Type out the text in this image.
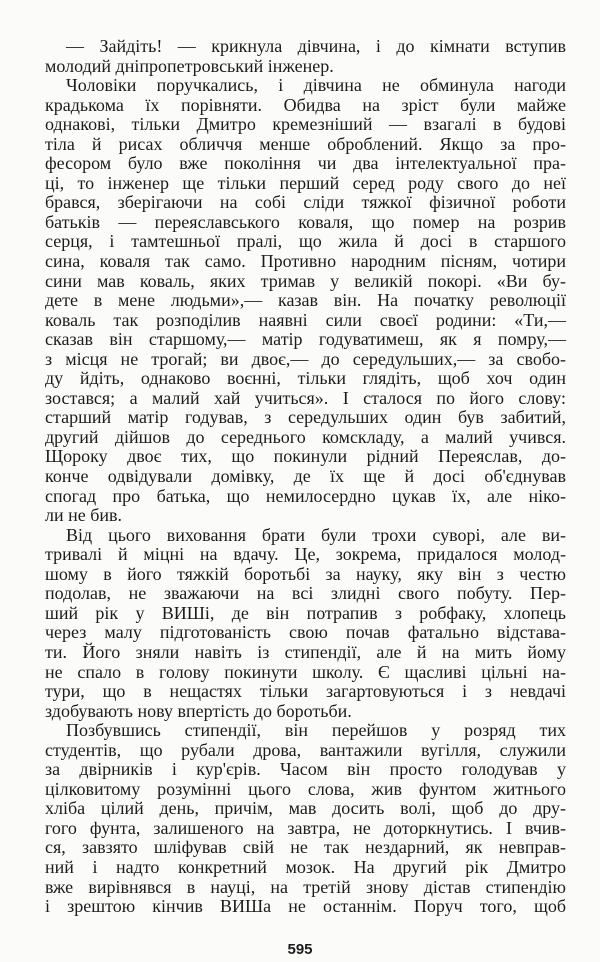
— Зайдіть! — крикнула дівчина, і до кімнати вступив
молодий дніпропетровський інженер.
Чоловіки поручкались, і дівчина не обминула нагоди
крадькома їх порівняти. Обидва на зріст були майже
однакові, тільки Дмитро кремезніший — взагалі в будові
тіла й рисах обличчя менше оброблений. Якщо за про-
фесором було вже покоління чи два інтелектуальної пра-
ці, то інженер ще тільки перший серед роду свого до неї
брався, зберігаючи на собі сліди тяжкої фізичної роботи
батьків — переяславського коваля, що помер на розрив
серця, і тамтешньої пралі, що жила й досі в старшого
сина, коваля так само. Противно народним пісням, чотири
сини мав коваль, яких тримав у великій покорі. «Ви бу-
дете в мене людьми»,— казав він. На початку революції
коваль так розподілив наявні сили своєї родини: «Ти,—
сказав він старшому,— матір годуватимеш, як я помру,—
з місця не трогай; ви двоє,— до середульших,— за свобо-
ду йдіть, однаково воєнні, тільки глядіть, щоб хоч один
зостався; а малий хай учиться». І сталося по його слову:
старший матір годував, з середульших один був забитий,
другий дійшов до середнього комскладу, а малий учився.
Щороку двоє тих, що покинули рідний Переяслав, до-
конче одвідували домівку, де їх ще й досі об'єднував
спогад про батька, що немилосердно цукав їх, але ніко-
ли не бив.
Від цього виховання брати були трохи суворі, але ви-
тривалі й міцні на вдачу. Це, зокрема, придалося молод-
шому в його тяжкій боротьбі за науку, яку він з честю
подолав, не зважаючи на всі злидні свого побуту. Пер-
ший рік у ВИШі, де він потрапив з робфаку, хлопець
через малу підготованість свою почав фатально відстава-
ти. Його зняли навіть із стипендії, але й на мить йому
не спало в голову покинути школу. Є щасливі цільні на-
тури, що в нещастях тільки загартовуються і з невдачі
здобувають нову впертість до боротьби.
Позбувшись стипендії, він перейшов у розряд тих
студентів, що рубали дрова, вантажили вугілля, служили
за двірників і кур'єрів. Часом він просто голодував у
цілковитому розумінні цього слова, жив фунтом житнього
хліба цілий день, причім, мав досить волі, щоб до дру-
гого фунта, залишеного на завтра, не доторкнутись. І вчив-
ся, завзято шліфував свій не так нездарний, як невправ-
ний і надто конкретний мозок. На другий рік Дмитро
вже вирівнявся в науці, на третій знову дістав стипендію
і зрештою кінчив ВИШа не останнім. Поруч того, щоб
595
